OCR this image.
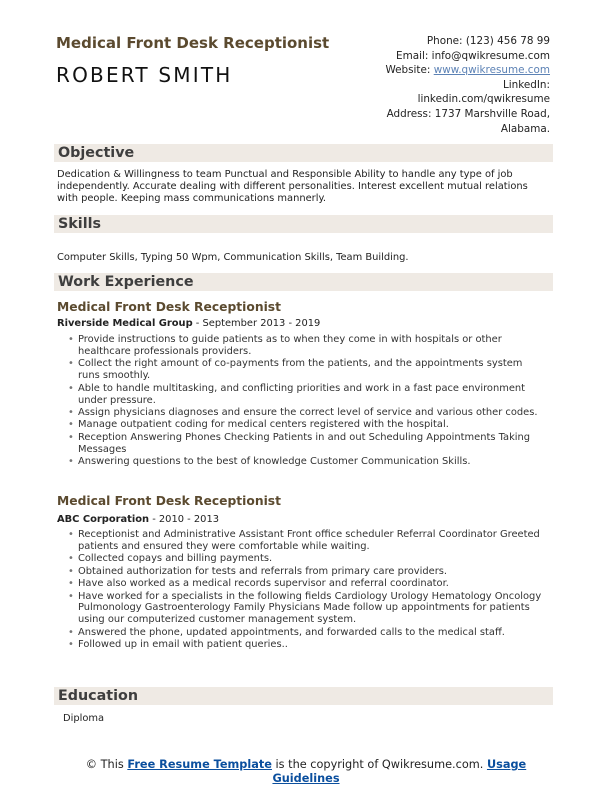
Medical Front Desk Receptionist
ROBERT SMITH
Phone: (123) 456 78 99
Email: info@qwikresume.com
Website: www.qwikresume.com
LinkedIn:
linkedin.com/qwikresume
Address: 1737 Marshville Road,
Alabama.
Objective
Dedication & Willingness to team Punctual and Responsible Ability to handle any type of job independently. Accurate dealing with different personalities. Interest excellent mutual relations with people. Keeping mass communications mannerly.
Skills
Computer Skills, Typing 50 Wpm, Communication Skills, Team Building.
Work Experience
Medical Front Desk Receptionist
Riverside Medical Group - September 2013 - 2019
• Provide instructions to guide patients as to when they come in with hospitals or other healthcare professionals providers.
• Collect the right amount of co-payments from the patients, and the appointments system runs smoothly.
• Able to handle multitasking, and conflicting priorities and work in a fast pace environment under pressure.
• Assign physicians diagnoses and ensure the correct level of service and various other codes.
• Manage outpatient coding for medical centers registered with the hospital.
• Reception Answering Phones Checking Patients in and out Scheduling Appointments Taking Messages
• Answering questions to the best of knowledge Customer Communication Skills.
Medical Front Desk Receptionist
ABC Corporation - 2010 - 2013
• Receptionist and Administrative Assistant Front office scheduler Referral Coordinator Greeted patients and ensured they were comfortable while waiting.
• Collected copays and billing payments.
• Obtained authorization for tests and referrals from primary care providers.
• Have also worked as a medical records supervisor and referral coordinator.
• Have worked for a specialists in the following fields Cardiology Urology Hematology Oncology Pulmonology Gastroenterology Family Physicians Made follow up appointments for patients using our computerized customer management system.
• Answered the phone, updated appointments, and forwarded calls to the medical staff.
• Followed up in email with patient queries..
Education
Diploma
© This Free Resume Template is the copyright of Qwikresume.com. Usage
Guidelines
